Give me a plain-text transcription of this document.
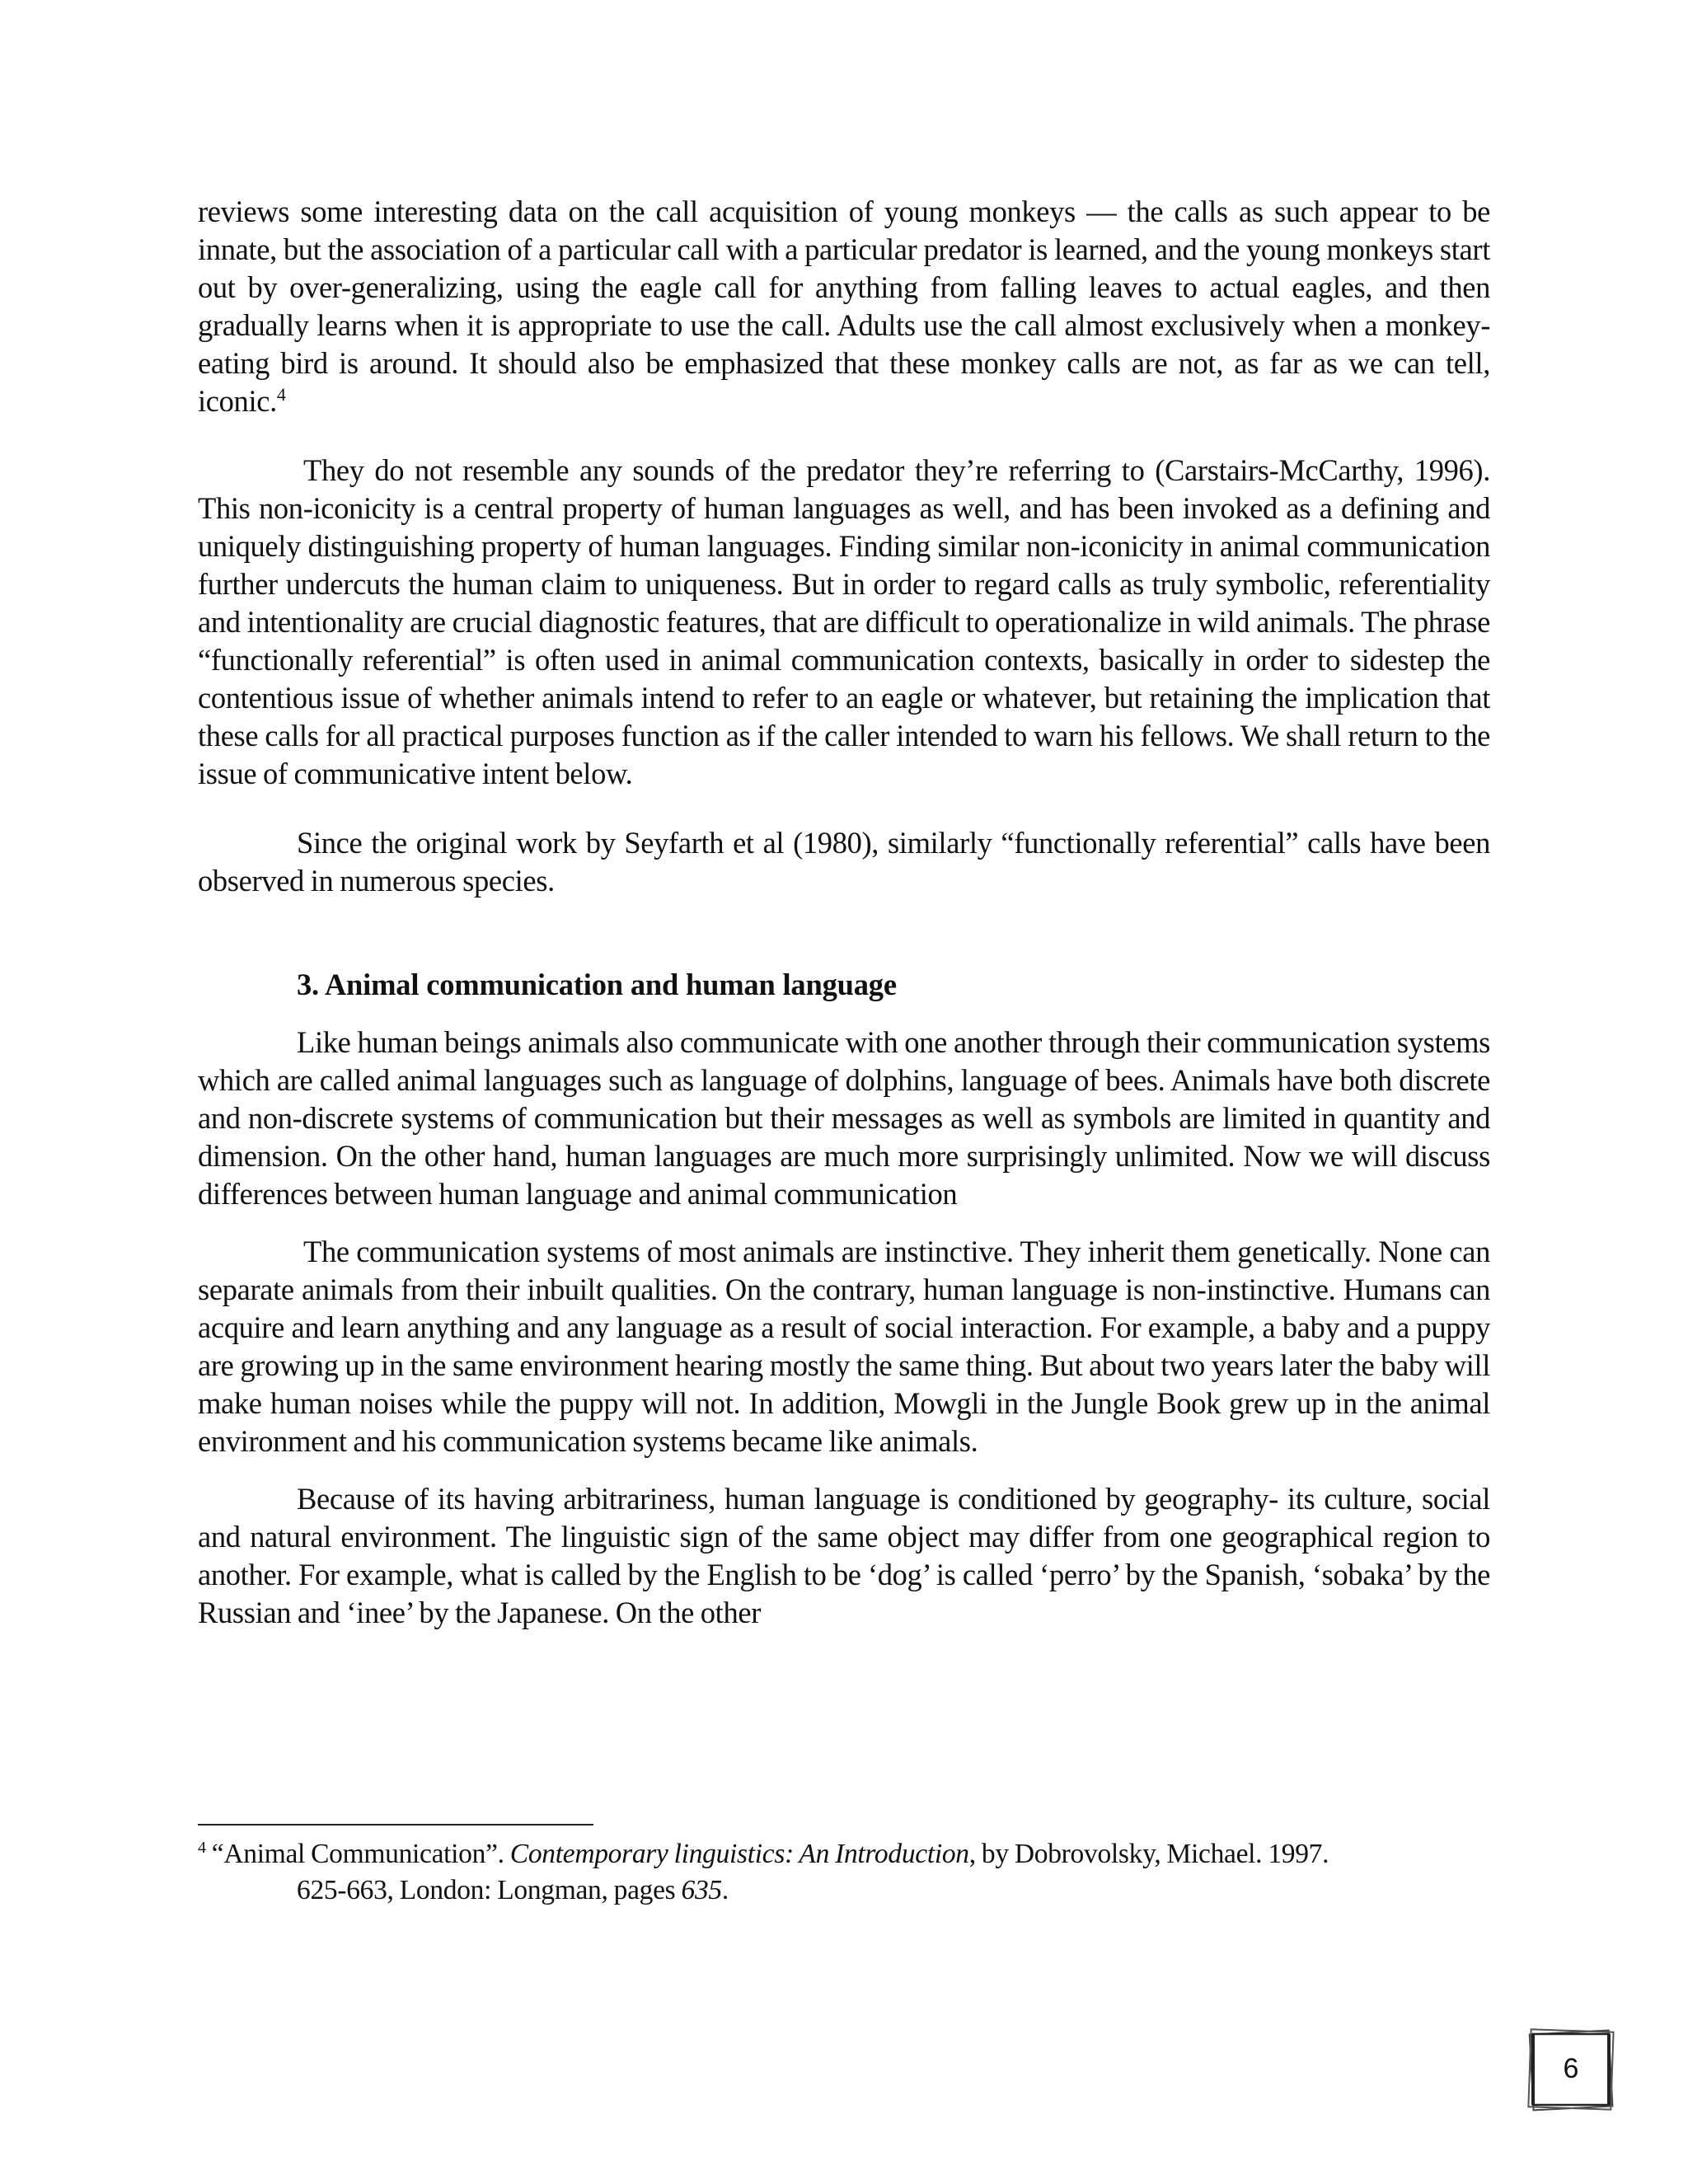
reviews some interesting data on the call acquisition of young monkeys — the calls as such appear to be innate, but the association of a particular call with a particular predator is learned, and the young monkeys start out by over-generalizing, using the eagle call for anything from falling leaves to actual eagles, and then gradually learns when it is appropriate to use the call. Adults use the call almost exclusively when a monkey-eating bird is around. It should also be emphasized that these monkey calls are not, as far as we can tell, iconic.$^4$

They do not resemble any sounds of the predator they’re referring to (Carstairs-McCarthy, 1996). This non-iconicity is a central property of human languages as well, and has been invoked as a defining and uniquely distinguishing property of human languages. Finding similar non-iconicity in animal communication further undercuts the human claim to uniqueness. But in order to regard calls as truly symbolic, referentiality and intentionality are crucial diagnostic features, that are difficult to operationalize in wild animals. The phrase “functionally referential” is often used in animal communication contexts, basically in order to sidestep the contentious issue of whether animals intend to refer to an eagle or whatever, but retaining the implication that these calls for all practical purposes function as if the caller intended to warn his fellows. We shall return to the issue of communicative intent below.

Since the original work by Seyfarth et al (1980), similarly “functionally referential” calls have been observed in numerous species.

3. Animal communication and human language

Like human beings animals also communicate with one another through their communication systems which are called animal languages such as language of dolphins, language of bees. Animals have both discrete and non-discrete systems of communication but their messages as well as symbols are limited in quantity and dimension. On the other hand, human languages are much more surprisingly unlimited. Now we will discuss differences between human language and animal communication

The communication systems of most animals are instinctive. They inherit them genetically. None can separate animals from their inbuilt qualities. On the contrary, human language is non-instinctive. Humans can acquire and learn anything and any language as a result of social interaction. For example, a baby and a puppy are growing up in the same environment hearing mostly the same thing. But about two years later the baby will make human noises while the puppy will not. In addition, Mowgli in the Jungle Book grew up in the animal environment and his communication systems became like animals.

Because of its having arbitrariness, human language is conditioned by geography- its culture, social and natural environment. The linguistic sign of the same object may differ from one geographical region to another. For example, what is called by the English to be ‘dog’ is called ‘perro’ by the Spanish, ‘sobaka’ by the Russian and ‘inee’ by the Japanese. On the other

$^4$ “Animal Communication”. Contemporary linguistics: An Introduction, by Dobrovolsky, Michael. 1997.
625-663, London: Longman, pages 635.
6
